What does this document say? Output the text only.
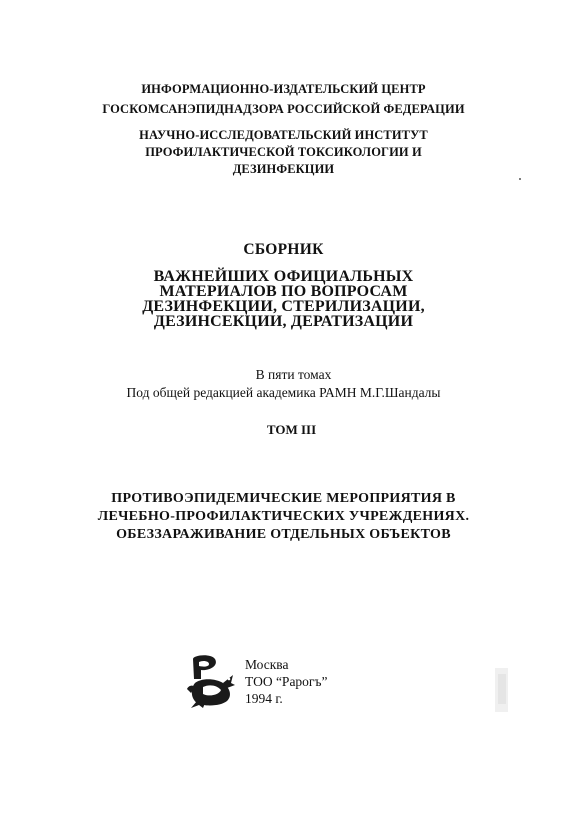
ИНФОРМАЦИОННО-ИЗДАТЕЛЬСКИЙ ЦЕНТР
ГОСКОМСАНЭПИДНАДЗОРА РОССИЙСКОЙ ФЕДЕРАЦИИ
НАУЧНО-ИССЛЕДОВАТЕЛЬСКИЙ ИНСТИТУТ
ПРОФИЛАКТИЧЕСКОЙ ТОКСИКОЛОГИИ И
ДЕЗИНФЕКЦИИ
СБОРНИК
ВАЖНЕЙШИХ ОФИЦИАЛЬНЫХ
МАТЕРИАЛОВ ПО ВОПРОСАМ
ДЕЗИНФЕКЦИИ, СТЕРИЛИЗАЦИИ,
ДЕЗИНСЕКЦИИ, ДЕРАТИЗАЦИИ
В пяти томах
Под общей редакцией академика РАМН М.Г.Шандалы
ТОМ III
ПРОТИВОЭПИДЕМИЧЕСКИЕ МЕРОПРИЯТИЯ В
ЛЕЧЕБНО-ПРОФИЛАКТИЧЕСКИХ УЧРЕЖДЕНИЯХ.
ОБЕЗЗАРАЖИВАНИЕ ОТДЕЛЬНЫХ ОБЪЕКТОВ
Москва
ТОО “Рарогъ”
1994 г.
